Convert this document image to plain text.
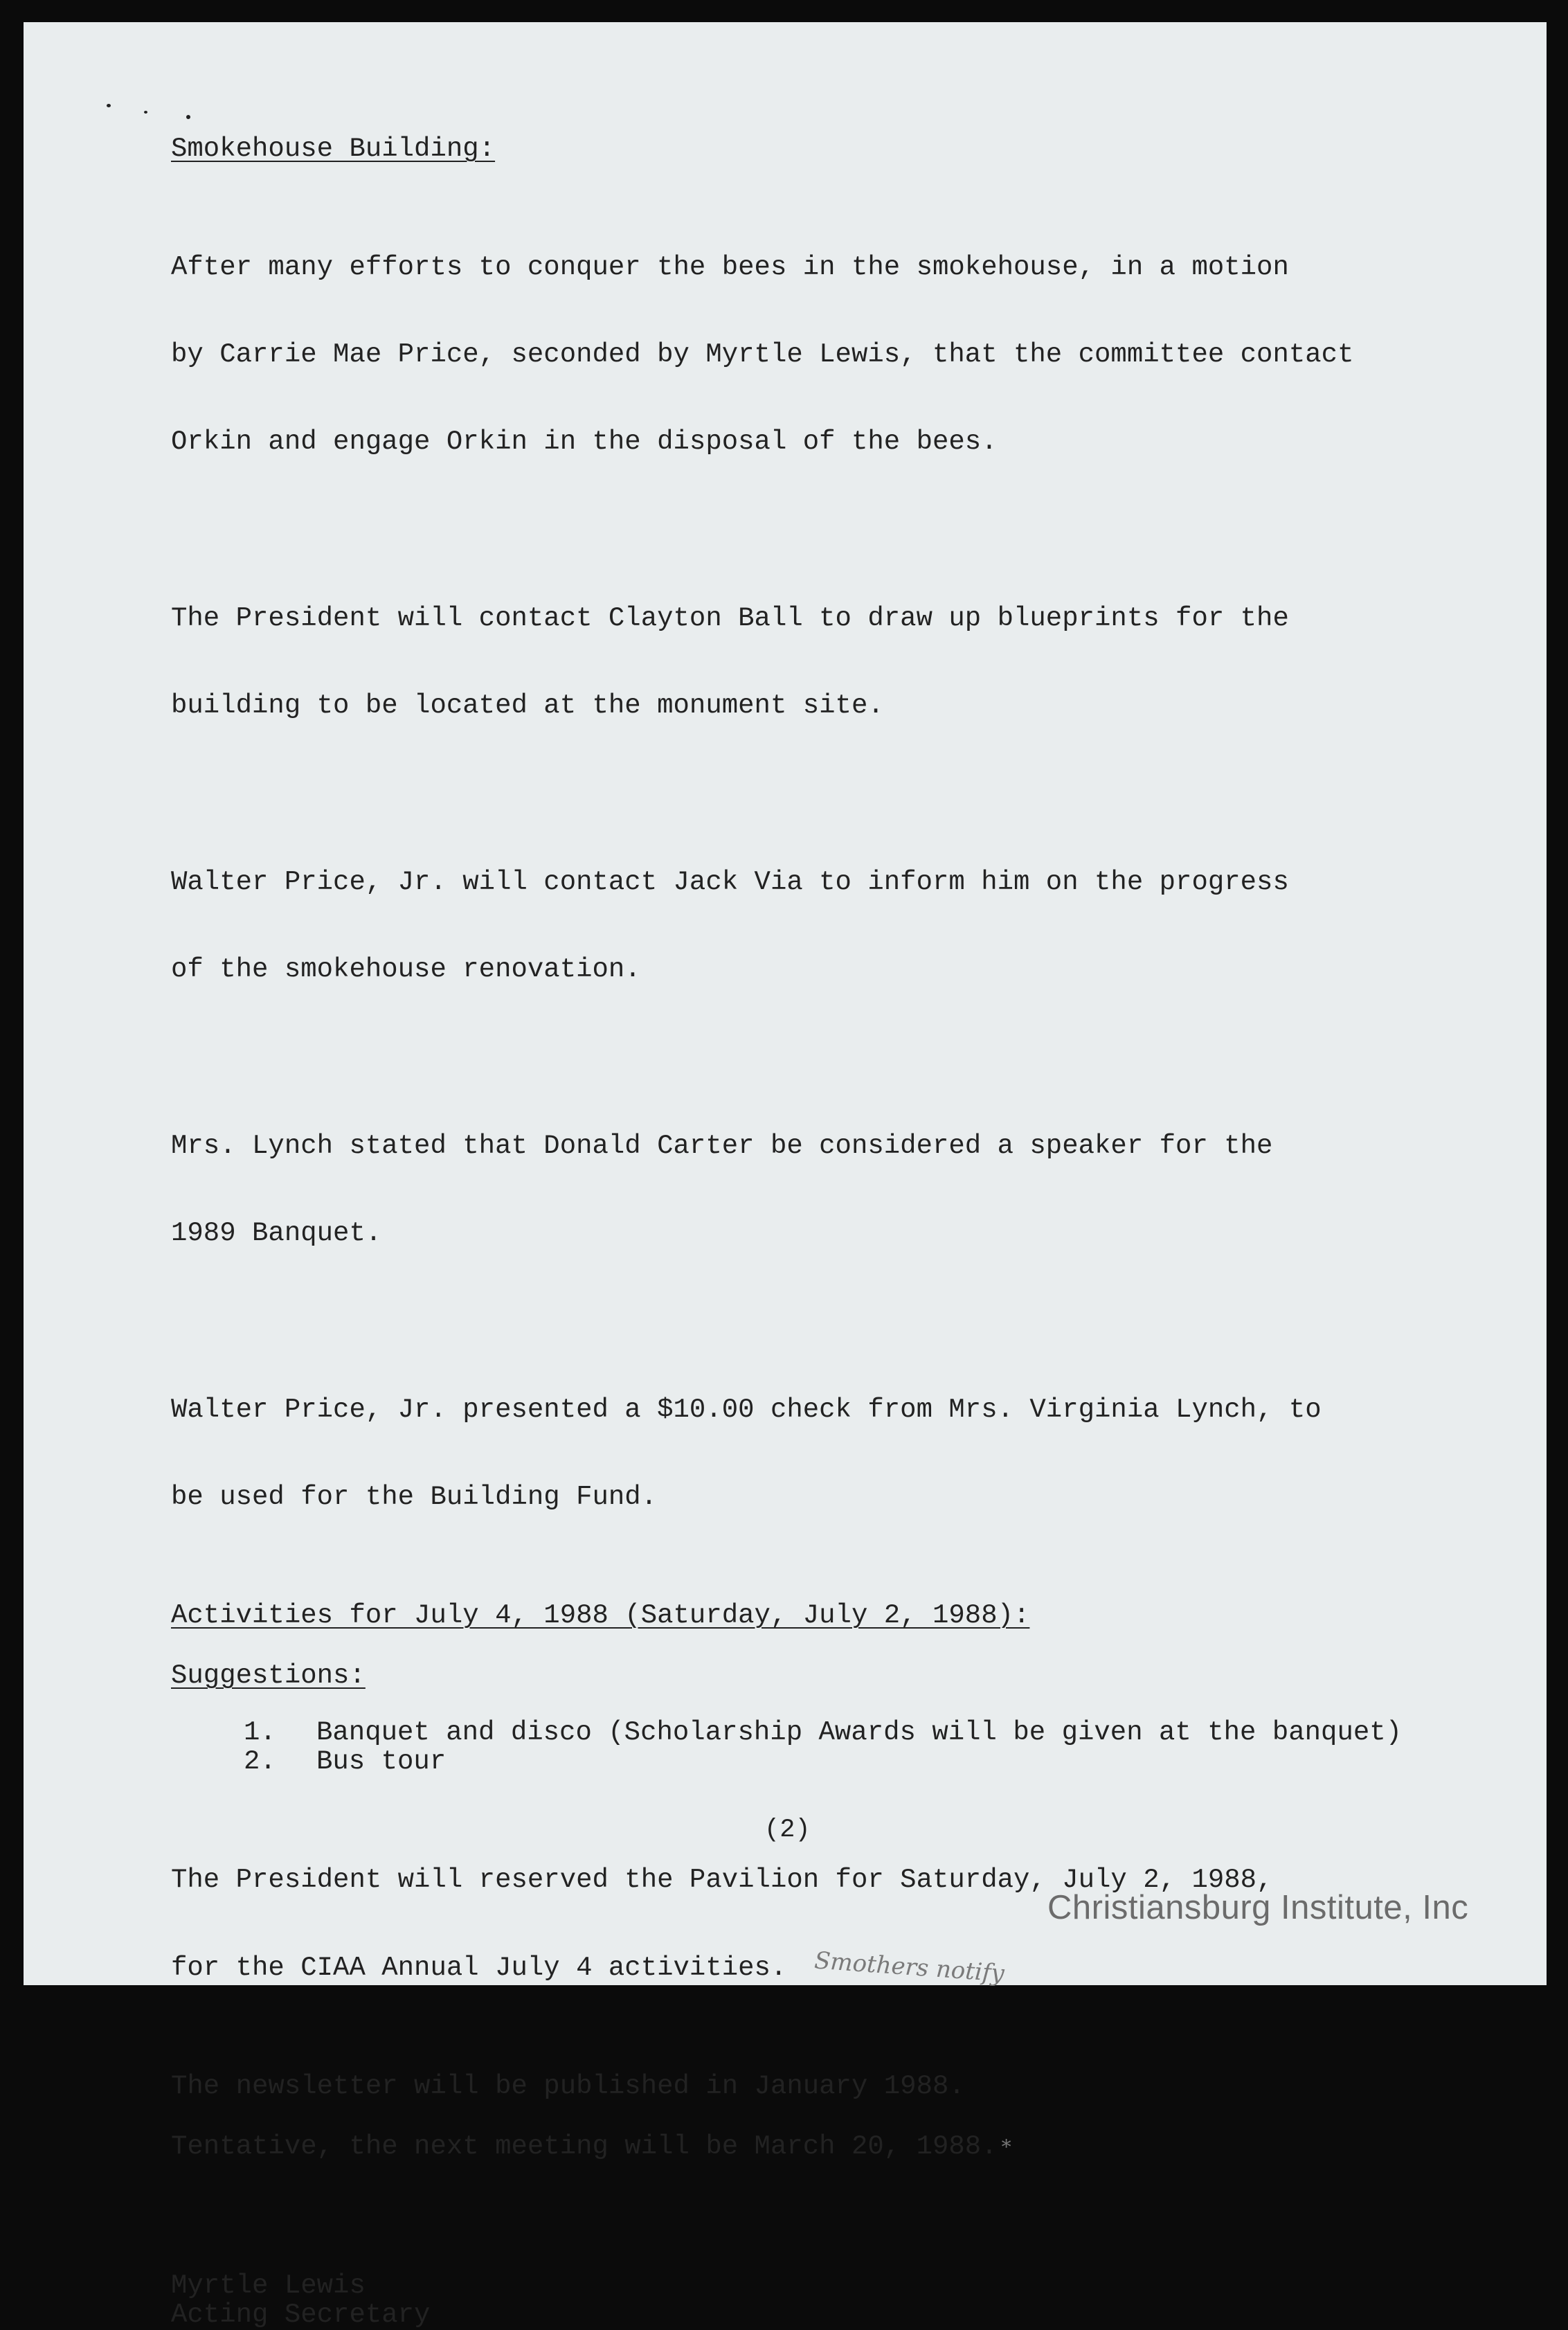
Smokehouse Building:

After many efforts to conquer the bees in the smokehouse, in a motion

by Carrie Mae Price, seconded by Myrtle Lewis, that the committee contact

Orkin and engage Orkin in the disposal of the bees.

The President will contact Clayton Ball to draw up blueprints for the

building to be located at the monument site.

Walter Price, Jr. will contact Jack Via to inform him on the progress

of the smokehouse renovation.

Mrs. Lynch stated that Donald Carter be considered a speaker for the

1989 Banquet.

Walter Price, Jr. presented a $10.00 check from Mrs. Virginia Lynch, to

be used for the Building Fund.

Activities for July 4, 1988 (Saturday, July 2, 1988):
Suggestions:
1. Banquet and disco (Scholarship Awards will be given at the banquet)
2. Bus tour

The President will reserved the Pavilion for Saturday, July 2, 1988,

for the CIAA Annual July 4 activities. Smothers notify

The newsletter will be published in January 1988.
Tentative, the next meeting will be March 20, 1988. *
Myrtle Lewis
Acting Secretary
(2)
Christiansburg Institute, Inc
